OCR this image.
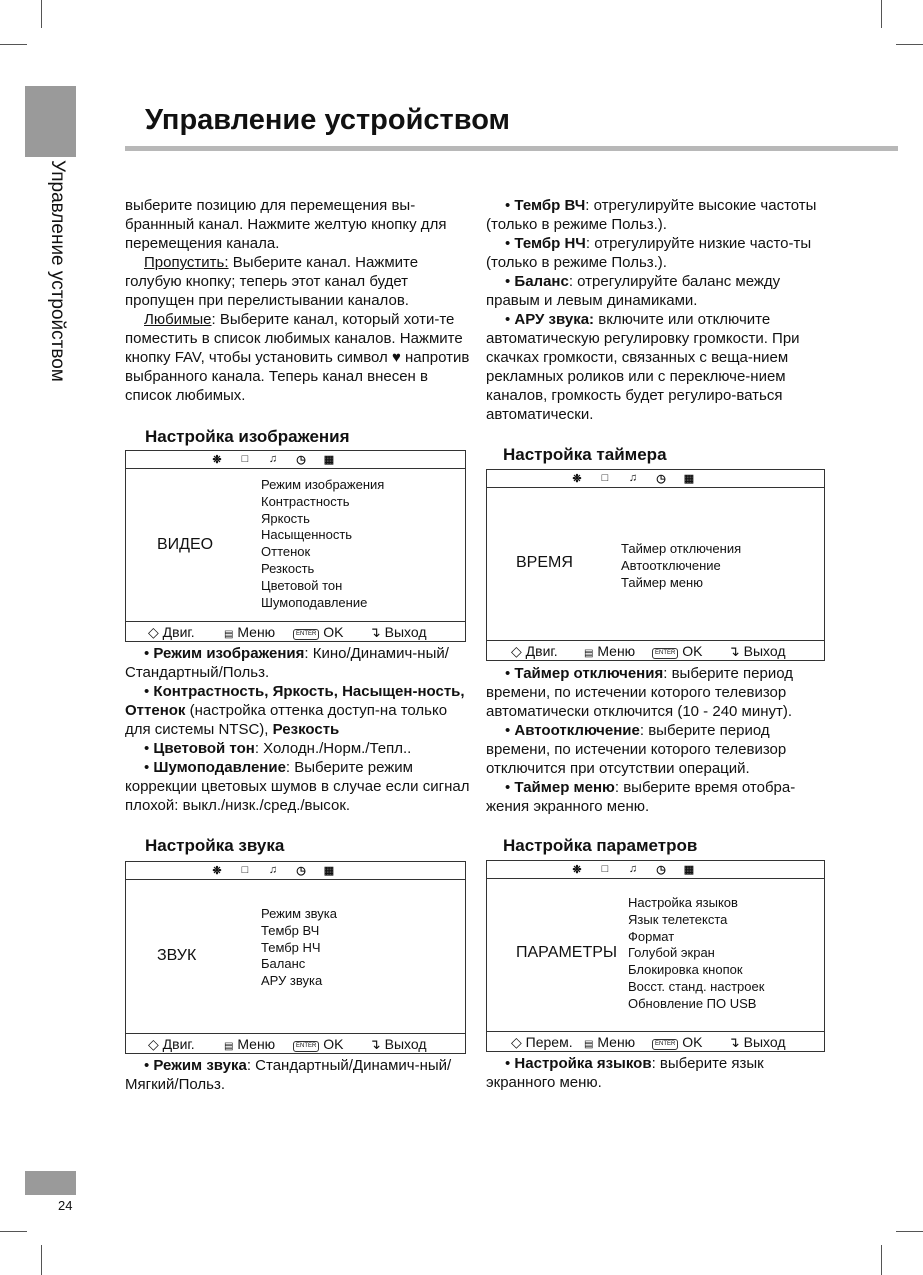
Управление устройством
24
Управление устройством

выберите позицию для перемещения вы-браннный канал. Нажмите желтую кнопку для перемещения канала.

Пропустить: Выберите канал. Нажмите голубую кнопку; теперь этот канал будет пропущен при перелистывании каналов.

Любимые: Выберите канал, который хоти-те поместить в список любимых каналов. Нажмите кнопку FAV, чтобы установить символ ♥ напротив выбранного канала. Теперь канал внесен в список любимых.

Настройка изображения
❉ □ ♫ ◷ ▦
ВИДЕО
Режим изображения
Контрастность
Яркость
Насыщенность
Оттенок
Резкость
Цветовой тон
Шумоподавление
◇ Двиг.	▤ Меню	ENTER OK ↴ Выход

• Режим изображения: Кино/Динамич-ный/Стандартный/Польз.

• Контрастность, Яркость, Насыщен-ность, Оттенок (настройка оттенка доступ-на только для системы NTSC), Резкость

• Цветовой тон: Холодн./Норм./Тепл..

• Шумоподавление: Выберите режим коррекции цветовых шумов в случае если сигнал плохой: выкл./низк./сред./высок.

Настройка звука
❉ □ ♫ ◷ ▦
ЗВУК
Режим звука
Тембр ВЧ
Тембр НЧ
Баланс
АРУ звука
◇ Двиг.	▤ Меню	ENTER OK ↴ Выход

• Режим звука: Стандартный/Динамич-ный/Мягкий/Польз.

• Тембр ВЧ: отрегулируйте высокие частоты (только в режиме Польз.).

• Тембр НЧ: отрегулируйте низкие часто-ты (только в режиме Польз.).

• Баланс: отрегулируйте баланс между правым и левым динамиками.

• АРУ звука: включите или отключите автоматическую регулировку громкости. При скачках громкости, связанных с веща-нием рекламных роликов или с переключе-нием каналов, громкость будет регулиро-ваться автоматически.

Настройка таймера
❉ □ ♫ ◷ ▦
ВРЕМЯ
Таймер отключения
Автоотключение
Таймер меню
◇ Двиг.	▤ Меню	ENTER OK ↴ Выход

• Таймер отключения: выберите период времени, по истечении которого телевизор автоматически отключится (10 - 240 минут).

• Автоотключение: выберите период времени, по истечении которого телевизор отключится при отсутствии операций.

• Таймер меню: выберите время отобра-жения экранного меню.

Настройка параметров
❉ □ ♫ ◷ ▦
ПАРАМЕТРЫ
Настройка языков
Язык телетекста
Формат
Голубой экран
Блокировка кнопок
Восст. станд. настроек
Обновление ПО USB
◇ Перем. ▤ Меню	ENTER OK ↴ Выход

• Настройка языков: выберите язык экранного меню.
